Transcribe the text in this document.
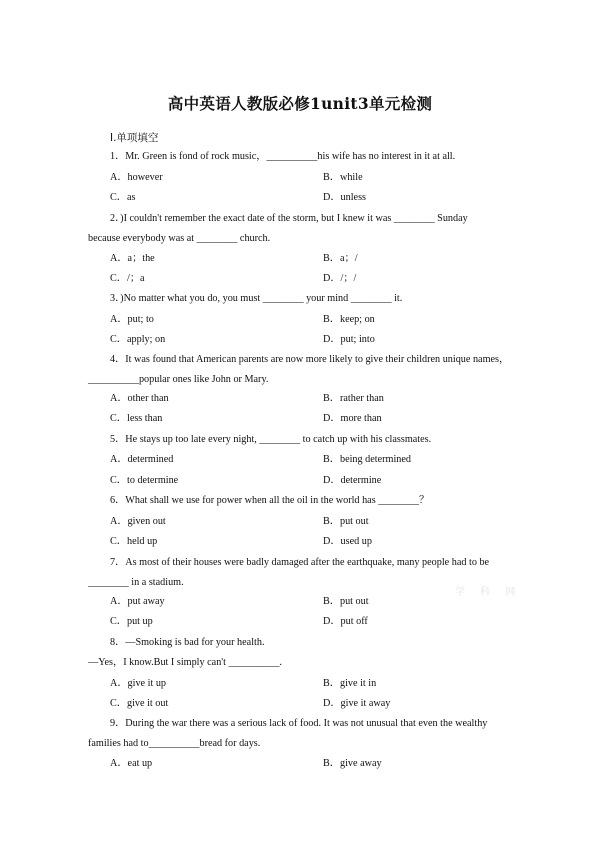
高中英语人教版必修1unit3单元检测
Ⅰ.单项填空
学 科 网
1．Mr. Green is fond of rock music，__________his wife has no interest in it at all.
A．however	B．while
C．as	D．unless
2．)I couldn't remember the exact date of the storm, but I knew it was ________ Sunday
because everybody was at ________ church.
A．a；the	B．a；/
C．/；a	D．/；/
3．)No matter what you do, you must ________ your mind ________ it.
A．put; to	B．keep; on
C．apply; on	D．put; into
4．It was found that American parents are now more likely to give their children unique names，
__________popular ones like John or Mary.
A．other than	B．rather than
C．less than	D．more than
5．He stays up too late every night, ________ to catch up with his classmates.
A．determined	B．being determined
C．to determine	D．determine
6．What shall we use for power when all the oil in the world has ________？
A．given out	B．put out
C．held up	D．used up
7．As most of their houses were badly damaged after the earthquake, many people had to be
________ in a stadium.
A．put away	B．put out
C．put up	D．put off
8．—Smoking is bad for your health.
—Yes，I know.But I simply can't __________.
A．give it up	B．give it in
C．give it out	D．give it away
9．During the war there was a serious lack of food. It was not unusual that even the wealthy
families had to__________bread for days.
A．eat up	B．give away
